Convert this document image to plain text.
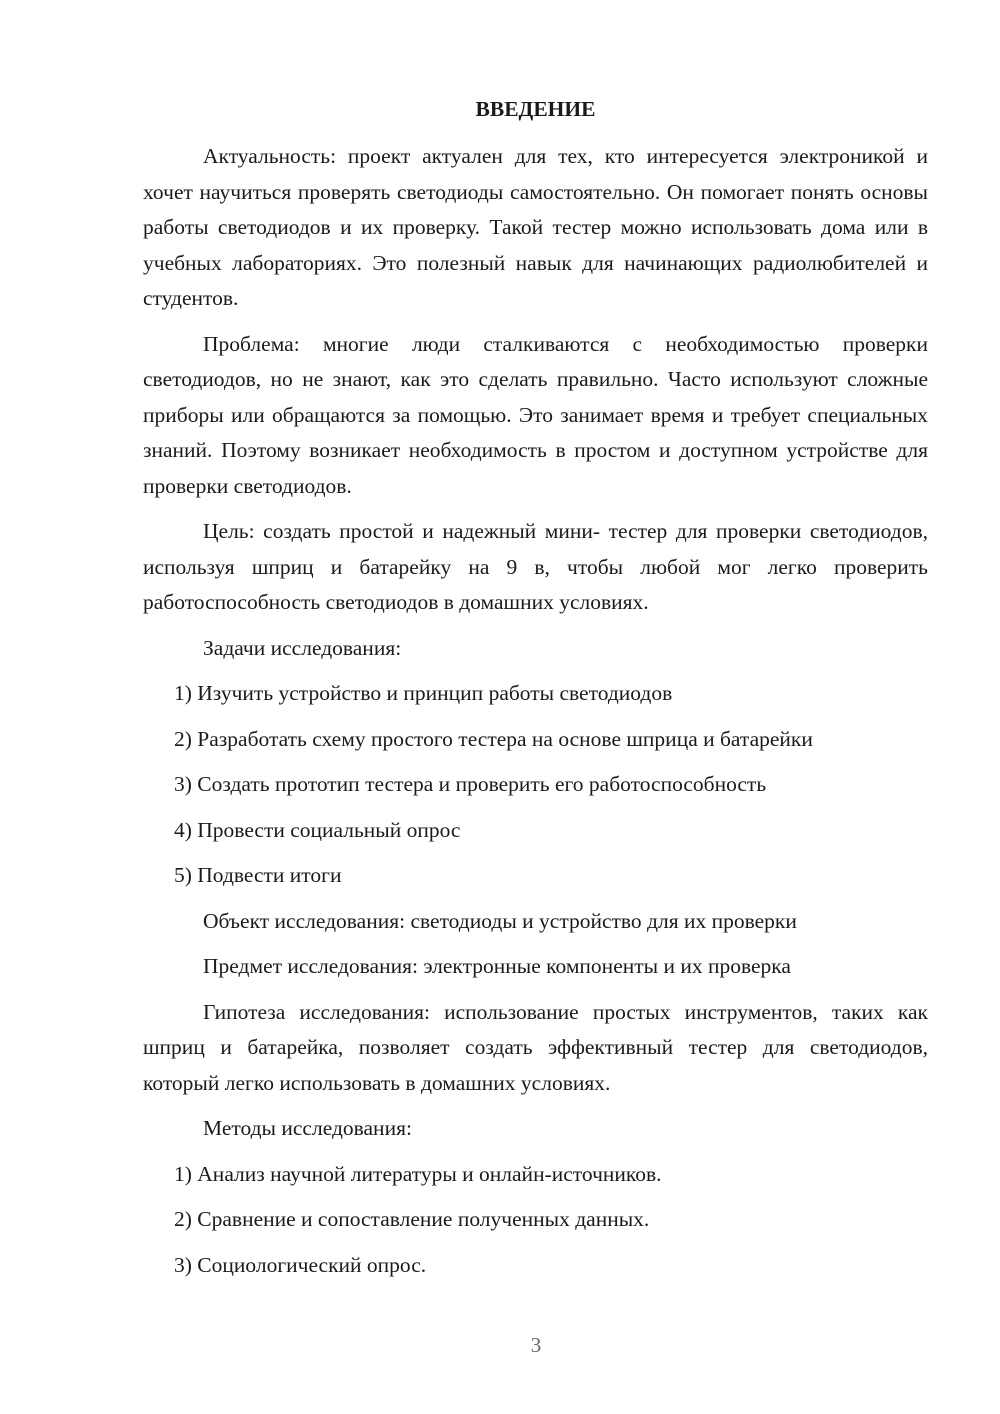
ВВЕДЕНИЕ

Актуальность: проект актуален для тех, кто интересуется электроникой и хочет научиться проверять светодиоды самостоятельно. Он помогает понять основы работы светодиодов и их проверку. Такой тестер можно использовать дома или в учебных лабораториях. Это полезный навык для начинающих радиолюбителей и студентов.

Проблема: многие люди сталкиваются с необходимостью проверки светодиодов, но не знают, как это сделать правильно. Часто используют сложные приборы или обращаются за помощью. Это занимает время и требует специальных знаний. Поэтому возникает необходимость в простом и доступном устройстве для проверки светодиодов.

Цель: создать простой и надежный мини- тестер для проверки светодиодов, используя шприц и батарейку на 9 в, чтобы любой мог легко проверить работоспособность светодиодов в домашних условиях.

Задачи исследования:

1) Изучить устройство и принцип работы светодиодов
2) Разработать схему простого тестера на основе шприца и батарейки
3) Создать прототип тестера и проверить его работоспособность
4) Провести социальный опрос
5) Подвести итоги

Объект исследования: светодиоды и устройство для их проверки

Предмет исследования: электронные компоненты и их проверка

Гипотеза исследования: использование простых инструментов, таких как шприц и батарейка, позволяет создать эффективный тестер для светодиодов, который легко использовать в домашних условиях.

Методы исследования:

1) Анализ научной литературы и онлайн-источников.
2) Сравнение и сопоставление полученных данных.
3) Социологический опрос.
3
